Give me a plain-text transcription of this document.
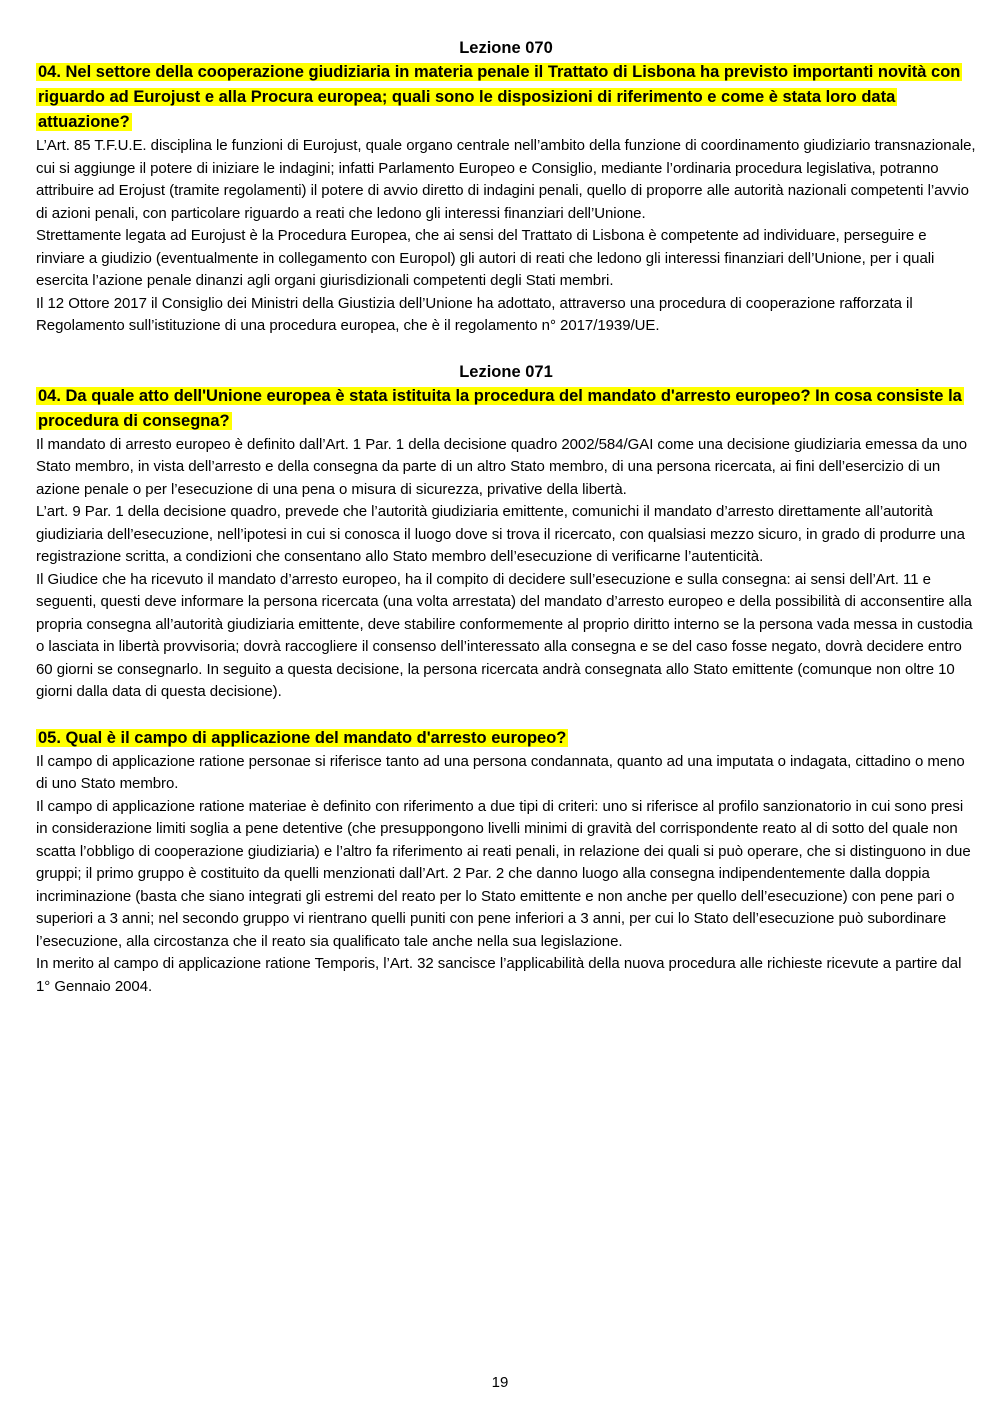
Lezione 070

04. Nel settore della cooperazione giudiziaria in materia penale il Trattato di Lisbona ha previsto importanti novità con riguardo ad Eurojust e alla Procura europea; quali sono le disposizioni di riferimento e come è stata loro data attuazione?

L’Art. 85 T.F.U.E. disciplina le funzioni di Eurojust, quale organo centrale nell’ambito della funzione di coordinamento giudiziario transnazionale, cui si aggiunge il potere di iniziare le indagini; infatti Parlamento Europeo e Consiglio, mediante l’ordinaria procedura legislativa, potranno attribuire ad Erojust (tramite regolamenti) il potere di avvio diretto di indagini penali, quello di proporre alle autorità nazionali competenti l’avvio di azioni penali, con particolare riguardo a reati che ledono gli interessi finanziari dell’Unione.

Strettamente legata ad Eurojust è la Procedura Europea, che ai sensi del Trattato di Lisbona è competente ad individuare, perseguire e rinviare a giudizio (eventualmente in collegamento con Europol) gli autori di reati che ledono gli interessi finanziari dell’Unione, per i quali esercita l’azione penale dinanzi agli organi giurisdizionali competenti degli Stati membri.

Il 12 Ottore 2017 il Consiglio dei Ministri della Giustizia dell’Unione ha adottato, attraverso una procedura di cooperazione rafforzata il Regolamento sull’istituzione di una procedura europea, che è il regolamento n° 2017/1939/UE.

Lezione 071

04. Da quale atto dell'Unione europea è stata istituita la procedura del mandato d'arresto europeo? In cosa consiste la procedura di consegna?

Il mandato di arresto europeo è definito dall’Art. 1 Par. 1 della decisione quadro 2002/584/GAI come una decisione giudiziaria emessa da uno Stato membro, in vista dell’arresto e della consegna da parte di un altro Stato membro, di una persona ricercata, ai fini dell’esercizio di un azione penale o per l’esecuzione di una pena o misura di sicurezza, privative della libertà.

L’art. 9 Par. 1 della decisione quadro, prevede che l’autorità giudiziaria emittente, comunichi il mandato d’arresto direttamente all’autorità giudiziaria dell’esecuzione, nell’ipotesi in cui si conosca il luogo dove si trova il ricercato, con qualsiasi mezzo sicuro, in grado di produrre una registrazione scritta, a condizioni che consentano allo Stato membro dell’esecuzione di verificarne l’autenticità.

Il Giudice che ha ricevuto il mandato d’arresto europeo, ha il compito di decidere sull’esecuzione e sulla consegna: ai sensi dell’Art. 11 e seguenti, questi deve informare la persona ricercata (una volta arrestata) del mandato d’arresto europeo e della possibilità di acconsentire alla propria consegna all’autorità giudiziaria emittente, deve stabilire conformemente al proprio diritto interno se la persona vada messa in custodia o lasciata in libertà provvisoria; dovrà raccogliere il consenso dell’interessato alla consegna e se del caso fosse negato, dovrà decidere entro 60 giorni se consegnarlo. In seguito a questa decisione, la persona ricercata andrà consegnata allo Stato emittente (comunque non oltre 10 giorni dalla data di questa decisione).

05. Qual è il campo di applicazione del mandato d'arresto europeo?

Il campo di applicazione ratione personae si riferisce tanto ad una persona condannata, quanto ad una imputata o indagata, cittadino o meno di uno Stato membro.

Il campo di applicazione ratione materiae è definito con riferimento a due tipi di criteri: uno si riferisce al profilo sanzionatorio in cui sono presi in considerazione limiti soglia a pene detentive (che presuppongono livelli minimi di gravità del corrispondente reato al di sotto del quale non scatta l’obbligo di cooperazione giudiziaria) e l’altro fa riferimento ai reati penali, in relazione dei quali si può operare, che si distinguono in due gruppi; il primo gruppo è costituito da quelli menzionati dall’Art. 2 Par. 2 che danno luogo alla consegna indipendentemente dalla doppia incriminazione (basta che siano integrati gli estremi del reato per lo Stato emittente e non anche per quello dell’esecuzione) con pene pari o superiori a 3 anni; nel secondo gruppo vi rientrano quelli puniti con pene inferiori a 3 anni, per cui lo Stato dell’esecuzione può subordinare l’esecuzione, alla circostanza che il reato sia qualificato tale anche nella sua legislazione.

In merito al campo di applicazione ratione Temporis, l’Art. 32 sancisce l’applicabilità della nuova procedura alle richieste ricevute a partire dal 1° Gennaio 2004.

19
